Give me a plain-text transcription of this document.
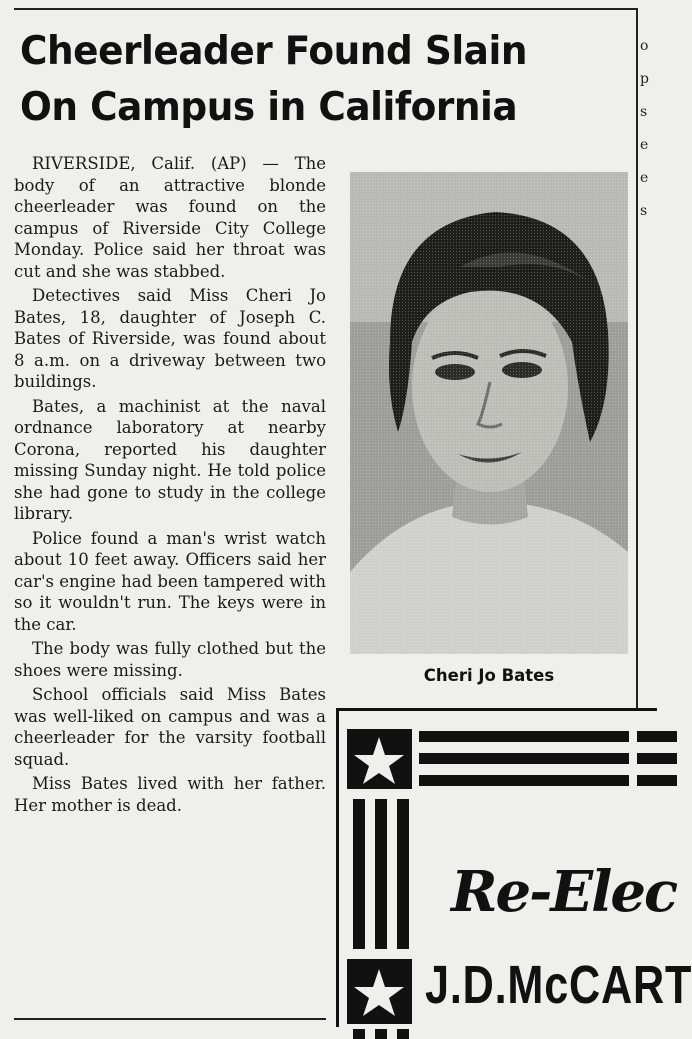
Cheerleader Found Slain
On Campus in California

RIVERSIDE, Calif. (AP) — The body of an attractive blonde cheerleader was found on the campus of Riverside City College Monday. Police said her throat was cut and she was stabbed.

Detectives said Miss Cheri Jo Bates, 18, daughter of Joseph C. Bates of Riverside, was found about 8 a.m. on a driveway between two buildings.

Bates, a machinist at the naval ordnance laboratory at nearby Corona, reported his daughter missing Sunday night. He told police she had gone to study in the college library.

Police found a man's wrist watch about 10 feet away. Officers said her car's engine had been tampered with so it wouldn't run. The keys were in the car.

The body was fully clothed but the shoes were missing.

School officials said Miss Bates was well-liked on campus and was a cheerleader for the varsity football squad.

Miss Bates lived with her father. Her mother is dead.

Cheri Jo Bates
o
p
s
e
e
s
Re-Elec
J.D.McCART
